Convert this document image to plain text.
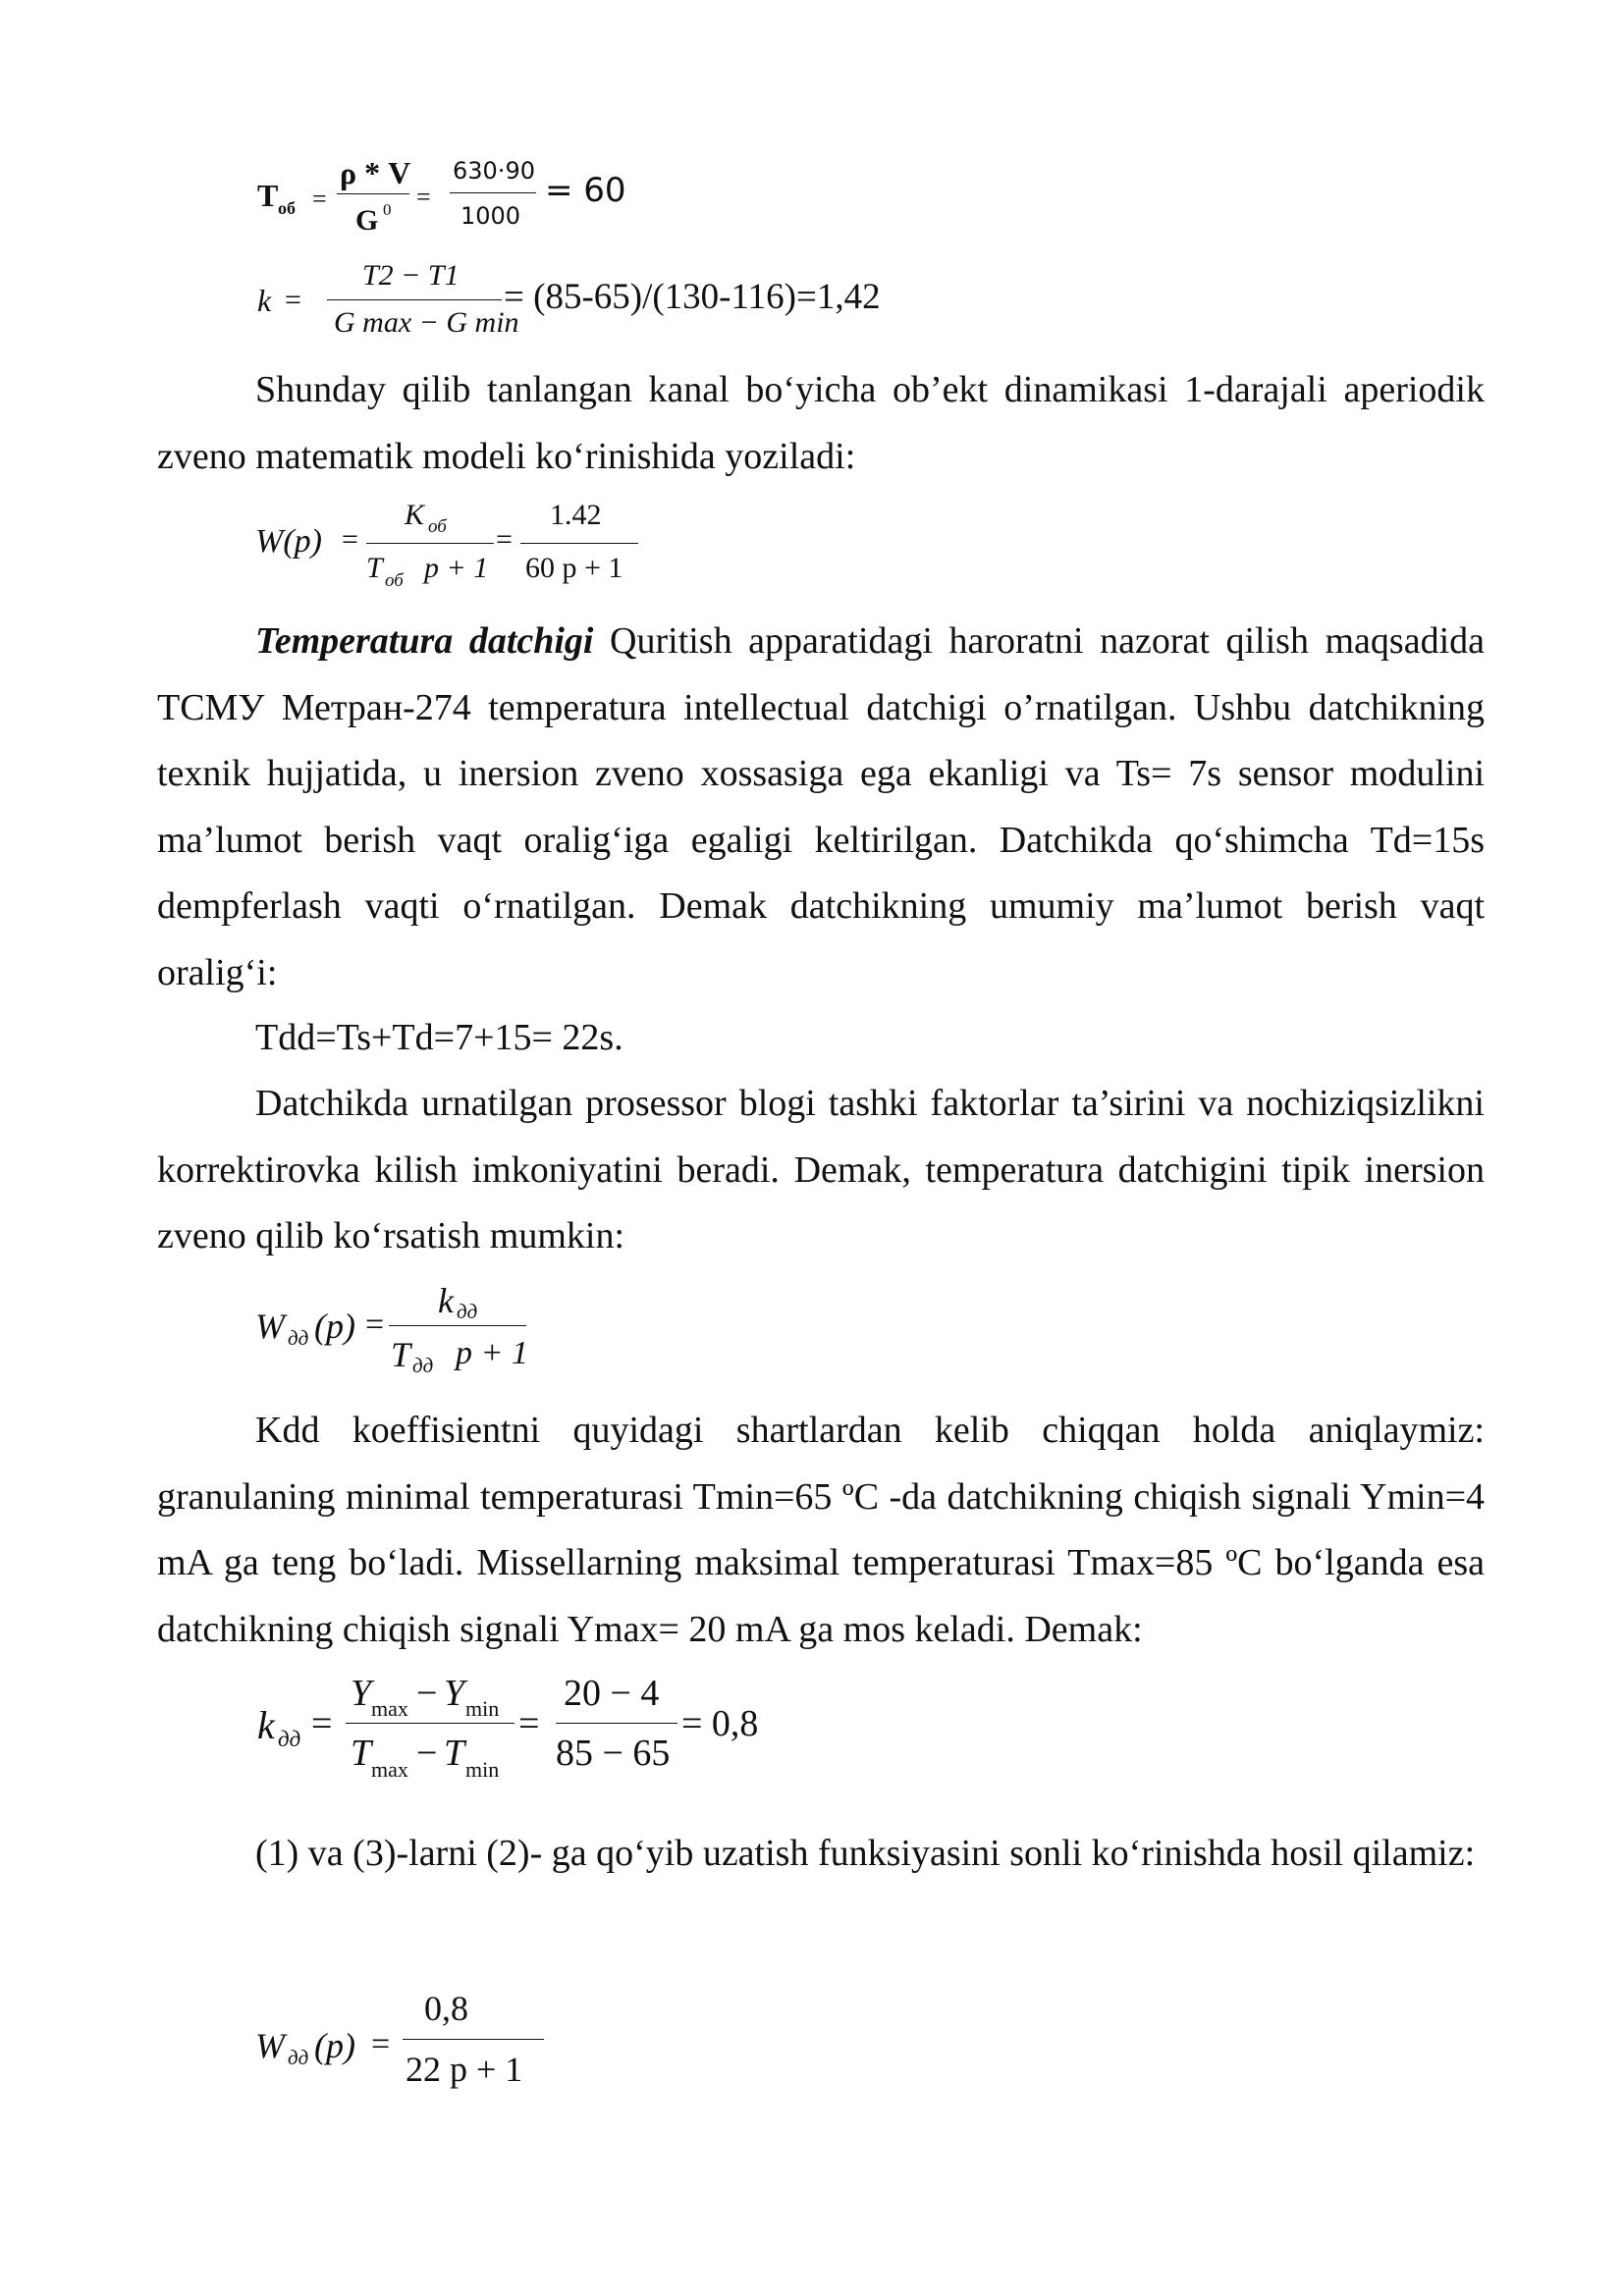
T об =
ρ * V
G 0 =
630·90
1000
= 60
k =
T2 − T1
G max − G min
= (85-65)/(130-116)=1,42
Shunday qilib tanlangan kanal bo‘yicha ob’ekt dinamikasi 1-darajali aperiodik zveno matematik modeli ko‘rinishida yoziladi:
W(p) =
K об
T об p + 1
=
1.42
60 p + 1
Temperatura datchigi Quritish apparatidagi haroratni nazorat qilish maqsadida ТСМУ Метран-274 temperatura intellectual datchigi o’rnatilgan. Ushbu datchikning texnik hujjatida, u inersion zveno xossasiga ega ekanligi va Ts= 7s sensor modulini ma’lumot berish vaqt oralig‘iga egaligi keltirilgan. Datchikda qo‘shimcha Td=15s dempferlash vaqti o‘rnatilgan. Demak datchikning umumiy ma’lumot berish vaqt oralig‘i:
Tdd=Ts+Td=7+15= 22s.
Datchikda urnatilgan prosessor blogi tashki faktorlar ta’sirini va nochiziqsizlikni korrektirovka kilish imkoniyatini beradi. Demak, temperatura datchigini tipik inersion zveno qilib ko‘rsatish mumkin:
W дд (p) =
k дд
T дд p + 1
Kdd koeffisientni quyidagi shartlardan kelib chiqqan holda aniqlaymiz: granulaning minimal temperaturasi Tmin=65 ºC -da datchikning chiqish signali Ymin=4 mA ga teng bo‘ladi. Missellarning maksimal temperaturasi Tmax=85 ºC bo‘lganda esa datchikning chiqish signali Ymax= 20 mA ga mos keladi. Demak:
k дд =
Y max − Y min
T max − T min
=
20 − 4
85 − 65
= 0,8
(1) va (3)-larni (2)- ga qo‘yib uzatish funksiyasini sonli ko‘rinishda hosil qilamiz:
W дд (p) =
0,8
22 p + 1
